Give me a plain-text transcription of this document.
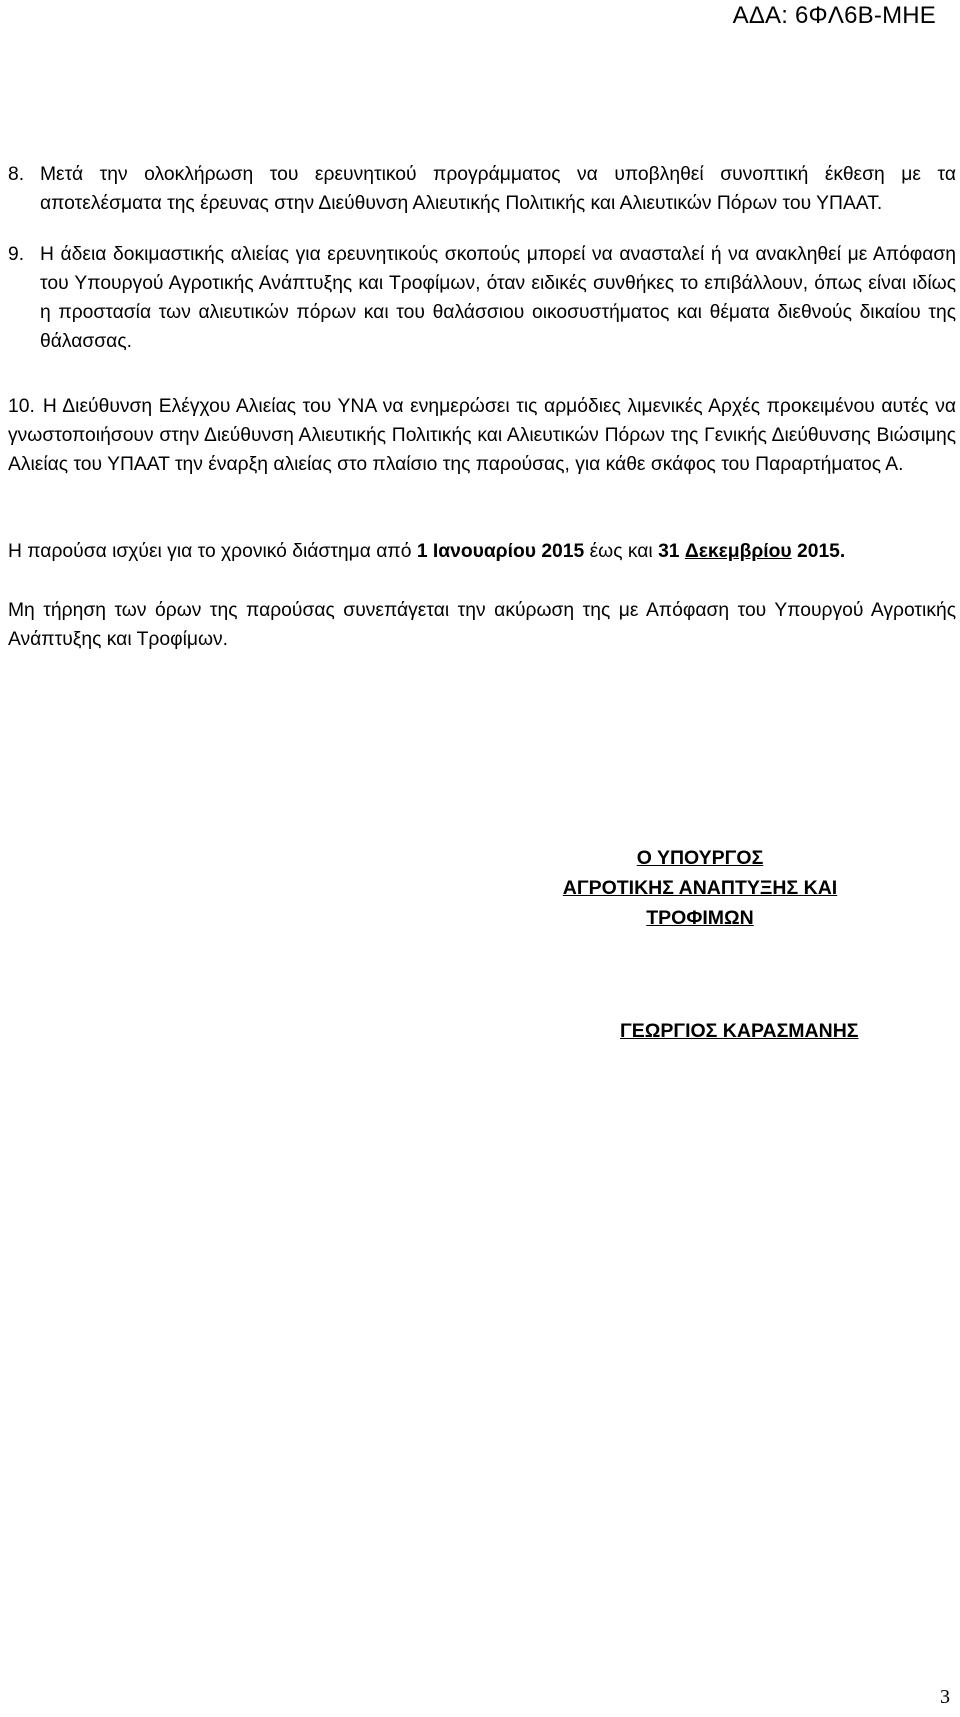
ΑΔΑ: 6ΦΛ6Β-ΜΗΕ
8. Μετά την ολοκλήρωση του ερευνητικού προγράμματος να υποβληθεί συνοπτική έκθεση με τα αποτελέσματα της έρευνας στην Διεύθυνση Αλιευτικής Πολιτικής και Αλιευτικών Πόρων του ΥΠΑΑΤ.
9. Η άδεια δοκιμαστικής αλιείας για ερευνητικούς σκοπούς μπορεί να ανασταλεί ή να ανακληθεί με Απόφαση του Υπουργού Αγροτικής Ανάπτυξης και Τροφίμων, όταν ειδικές συνθήκες το επιβάλλουν, όπως είναι ιδίως η προστασία των αλιευτικών πόρων και του θαλάσσιου οικοσυστήματος και θέματα διεθνούς δικαίου της θάλασσας.
10. Η Διεύθυνση Ελέγχου Αλιείας του ΥΝΑ να ενημερώσει τις αρμόδιες λιμενικές Αρχές προκειμένου αυτές να γνωστοποιήσουν στην Διεύθυνση Αλιευτικής Πολιτικής και Αλιευτικών Πόρων της Γενικής Διεύθυνσης Βιώσιμης Αλιείας του ΥΠΑΑΤ την έναρξη αλιείας στο πλαίσιο της παρούσας, για κάθε σκάφος του Παραρτήματος Α.
Η παρούσα ισχύει για το χρονικό διάστημα από 1 Ιανουαρίου 2015 έως και 31 Δεκεμβρίου 2015.
Μη τήρηση των όρων της παρούσας συνεπάγεται την ακύρωση της με Απόφαση του Υπουργού Αγροτικής Ανάπτυξης και Τροφίμων.
Ο ΥΠΟΥΡΓΟΣ
ΑΓΡΟΤΙΚΗΣ ΑΝΑΠΤΥΞΗΣ ΚΑΙ ΤΡΟΦΙΜΩΝ
ΓΕΩΡΓΙΟΣ ΚΑΡΑΣΜΑΝΗΣ
3
